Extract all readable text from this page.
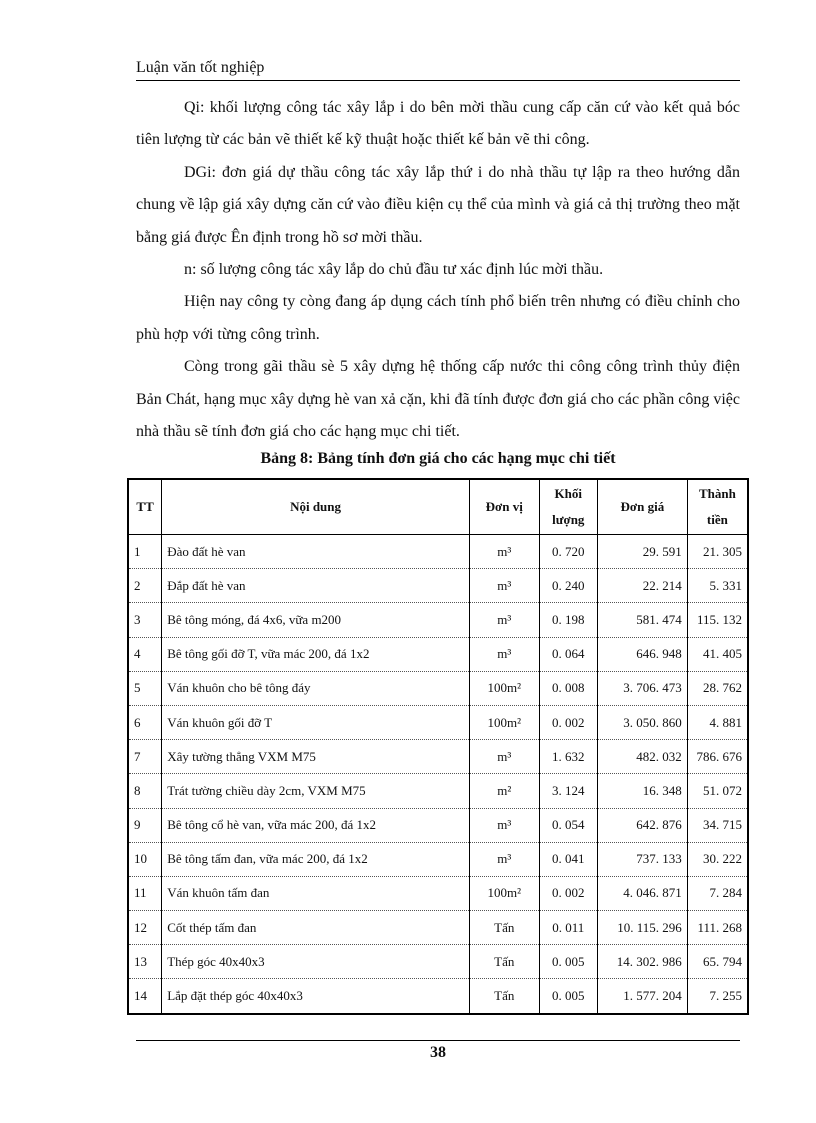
Luận văn tốt nghiệp

Qi: khối lượng công tác xây lắp i do bên mời thầu cung cấp căn cứ vào kết quả bóc tiên lượng từ các bản vẽ thiết kế kỹ thuật hoặc thiết kế bản vẽ thi công.

DGi: đơn giá dự thầu công tác xây lắp thứ i do nhà thầu tự lập ra theo hướng dẫn chung về lập giá xây dựng căn cứ vào điều kiện cụ thể của mình và giá cả thị trường theo mặt bằng giá được Ên định trong hồ sơ mời thầu.

n: số lượng công tác xây lắp do chủ đầu tư xác định lúc mời thầu.

Hiện nay công ty còng đang áp dụng cách tính phổ biến trên nhưng có điều chỉnh cho phù hợp với từng công trình.

Còng trong gãi thầu sè 5 xây dựng hệ thống cấp nước thi công công trình thủy điện Bản Chát, hạng mục xây dựng hè van xả cặn, khi đã tính được đơn giá cho các phần công việc nhà thầu sẽ tính đơn giá cho các hạng mục chi tiết.

Bảng 8: Bảng tính đơn giá cho các hạng mục chi tiết
TT	Nội dung	Đơn vị	Khối lượng	Đơn giá	Thành tiền
1	Đào đất hè van	m³	0. 720	29. 591	21. 305
2	Đắp đất hè van	m³	0. 240	22. 214	5. 331
3	Bê tông móng, đá 4x6, vữa m200	m³	0. 198	581. 474	115. 132
4	Bê tông gối đỡ T, vữa mác 200, đá 1x2	m³	0. 064	646. 948	41. 405
5	Ván khuôn cho bê tông đáy	100m²	0. 008	3. 706. 473	28. 762
6	Ván khuôn gối đỡ T	100m²	0. 002	3. 050. 860	4. 881
7	Xây tường thẳng VXM M75	m³	1. 632	482. 032	786. 676
8	Trát tường chiều dày 2cm, VXM M75	m²	3. 124	16. 348	51. 072
9	Bê tông cổ hè van, vữa mác 200, đá 1x2	m³	0. 054	642. 876	34. 715
10	Bê tông tấm đan, vữa mác 200, đá 1x2	m³	0. 041	737. 133	30. 222
11	Ván khuôn tấm đan	100m²	0. 002	4. 046. 871	7. 284
12	Cốt thép tấm đan	Tấn	0. 011	10. 115. 296	111. 268
13	Thép góc 40x40x3	Tấn	0. 005	14. 302. 986	65. 794
14	Lắp đặt thép góc 40x40x3	Tấn	0. 005	1. 577. 204	7. 255
38
